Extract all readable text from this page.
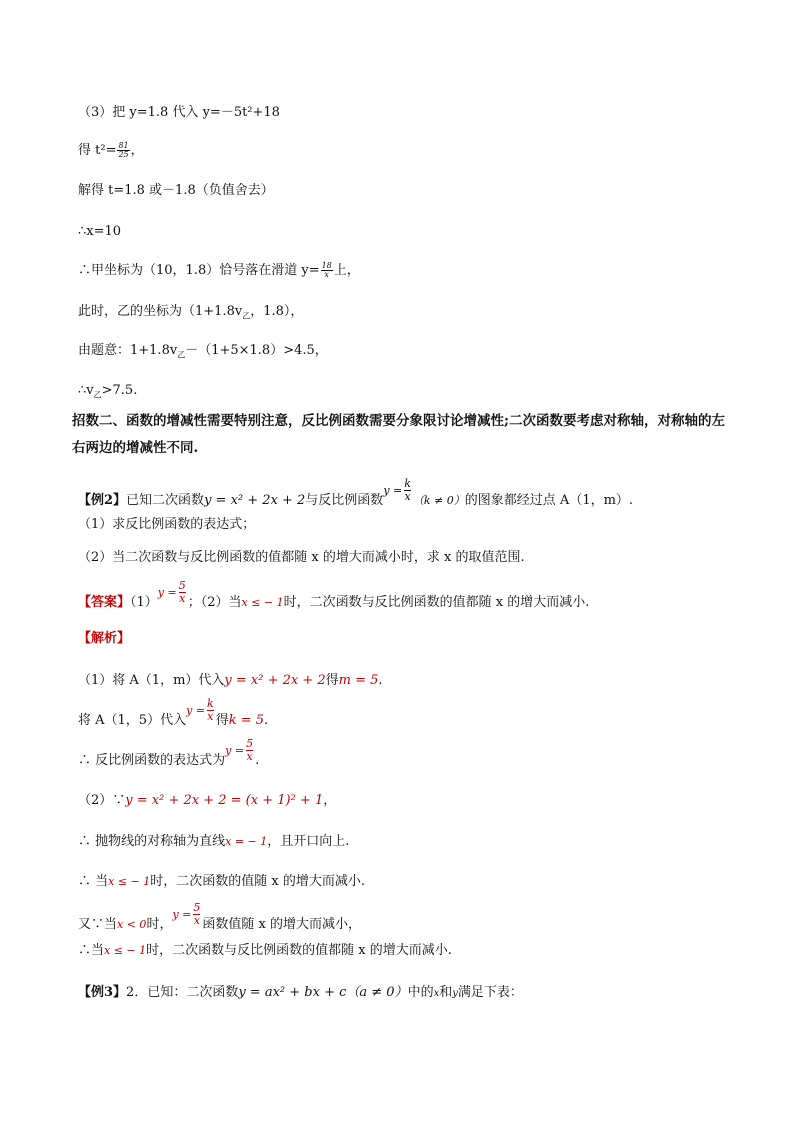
（3）把 y=1.8 代入 y=－5t²+18
得 $t^2= \frac{81}{25}$ ，
解得 t=1.8 或－1.8（负值舍去）
∴x=10
∴甲坐标为（10，1.8）恰号落在滑道 $y= \frac{18}{x}$ 上，
此时，乙的坐标为（$1+1.8v_乙$，1.8），
由题意：$1+1.8v_乙-(1+5\times 1.8)>4.5$，
$\therefore v_乙>7.5$.
招数二、函数的增减性需要特别注意，反比例函数需要分象限讨论增减性;二次函数要考虑对称轴，对称轴的左右两边的增减性不同.
【例2】已知二次函数y = x² + 2x + 2与反比例函数$^{y =} \frac{k}{x} (k \ne 0)$的图象都经过点 A（1，m）.
（1）求反比例函数的表达式；
（2）当二次函数与反比例函数的值都随 x 的增大而减小时，求 x 的取值范围.
【答案】$(1)^{y =} \frac{5}{x}$ ；（2）当x ≤ − 1时，二次函数与反比例函数的值都随 x 的增大而减小.
【解析】
（1）将 A（1，m）代入y = x² + 2x + 2得m = 5.
将 A（1，5）代入$^{y =} \frac{k}{x}$ 得k = 5.
∴ 反比例函数的表达式为$^{y =} \frac{5}{x}$ .
（2）∵y = x² + 2x + 2 = (x + 1)² + 1，
∴ 抛物线的对称轴为直线x = − 1，且开口向上.
∴ 当x ≤ − 1时，二次函数的值随 x 的增大而减小.
又∵当x < 0时，$^{y =} \frac{5}{x}$ 函数值随 x 的增大而减小，
∴当x ≤ − 1时，二次函数与反比例函数的值都随 x 的增大而减小.
【例3】2．已知：二次函数y = ax² + bx + c（a ≠ 0）中的x和y满足下表：
